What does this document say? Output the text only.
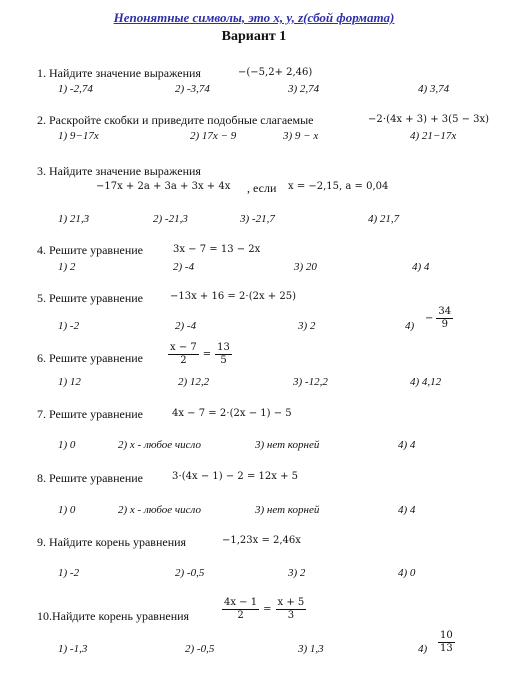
Непонятные символы, это x, y, z(сбой формата)
Вариант 1
1. Найдите значение выражения	−(−5,2+ 2,46)
1) -2,74	2) -3,74	3) 2,74	4) 3,74
2. Раскройте скобки и приведите подобные слагаемые	−2⋅(4x + 3) + 3(5 − 3x)
1) 9−17x	2) 17x − 9	3) 9 − x	4) 21−17x
3. Найдите значение выражения
−17x + 2a + 3a + 3x + 4x , если x = −2,15, a = 0,04
1) 21,3	2) -21,3	3) -21,7	4) 21,7
4. Решите уравнение	3x − 7 = 13 − 2x
1) 2	2) -4	3) 20	4) 4
5. Решите уравнение	−13x + 16 = 2⋅(2x + 25)
1) -2	2) -4	3) 2	4)
− $\frac{34}{9}$
6. Решите уравнение	$\frac{x - 7}{2} = \frac{13}{5}$
1) 12	2) 12,2	3) -12,2	4) 4,12
7. Решите уравнение	4x − 7 = 2⋅(2x − 1) − 5
1) 0	2) x - любое число	3) нет корней	4) 4
8. Решите уравнение	3⋅(4x − 1) − 2 = 12x + 5
1) 0	2) x - любое число	3) нет корней	4) 4
9. Найдите корень уравнения	−1,23x = 2,46x
1) -2	2) -0,5	3) 2	4) 0
10.Найдите корень уравнения	$\frac{4x - 1}{2} = \frac{x + 5}{3}$
1) -1,3	2) -0,5	3) 1,3	$4) \frac{10}{13}$
